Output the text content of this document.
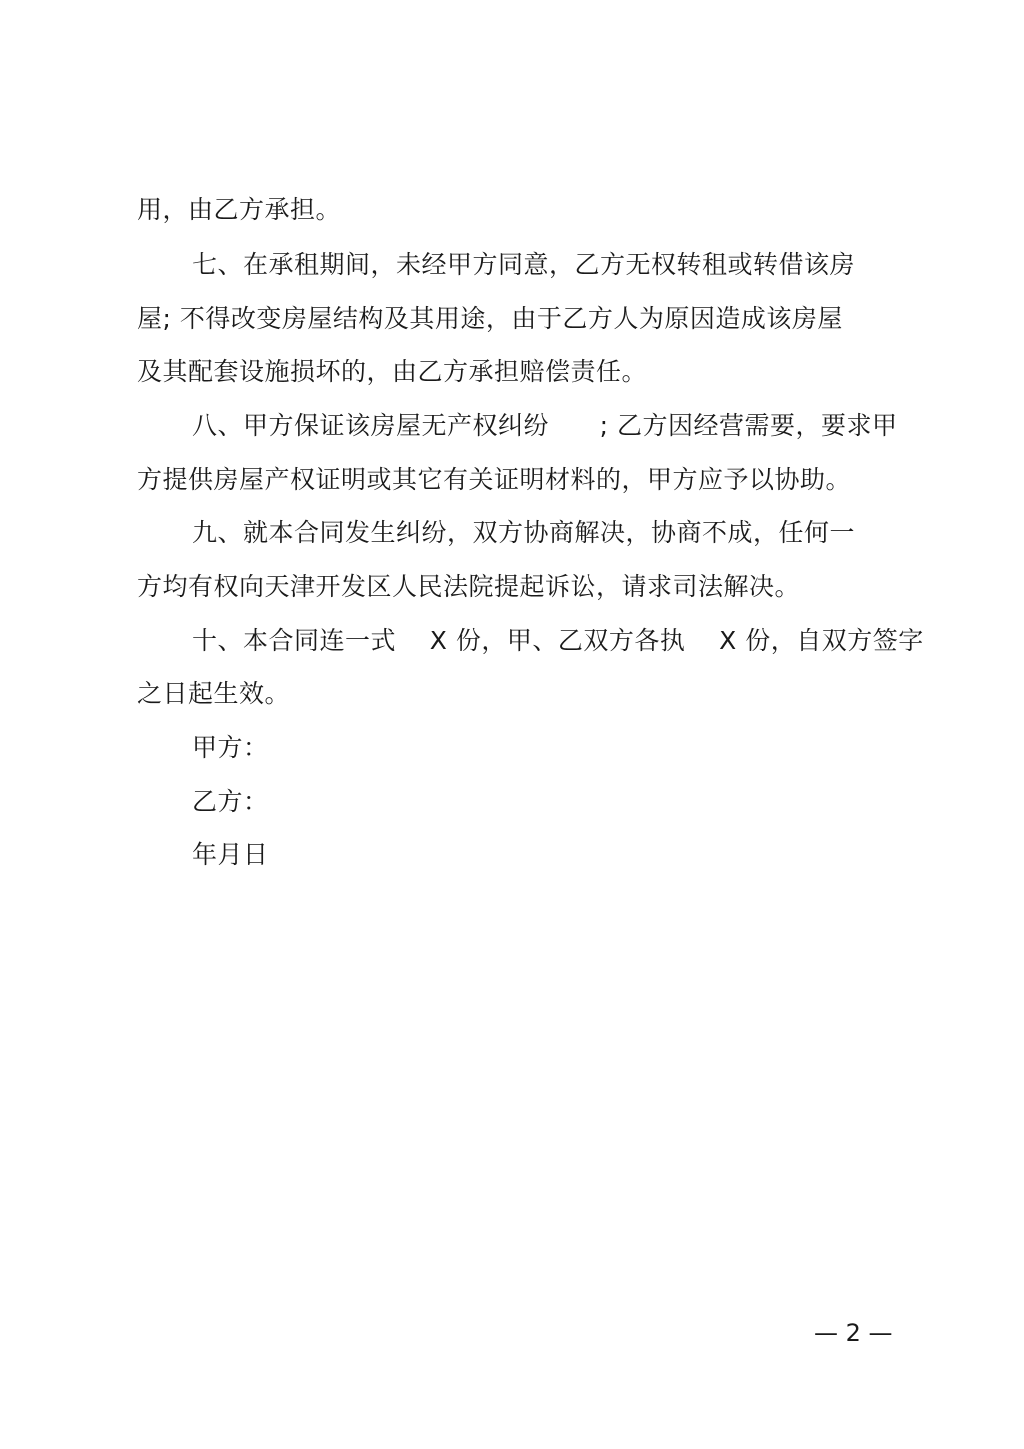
用，由乙方承担。
七、在承租期间，未经甲方同意，乙方无权转租或转借该房
屋; 不得改变房屋结构及其用途，由于乙方人为原因造成该房屋
及其配套设施损坏的，由乙方承担赔偿责任。
八、甲方保证该房屋无产权纠纷      ; 乙方因经营需要，要求甲
方提供房屋产权证明或其它有关证明材料的，甲方应予以协助。
九、就本合同发生纠纷，双方协商解决，协商不成，任何一
方均有权向天津开发区人民法院提起诉讼，请求司法解决。
十、本合同连一式    X 份，甲、乙双方各执    X 份，自双方签字
之日起生效。
甲方：
乙方：
年月日
— 2 —
